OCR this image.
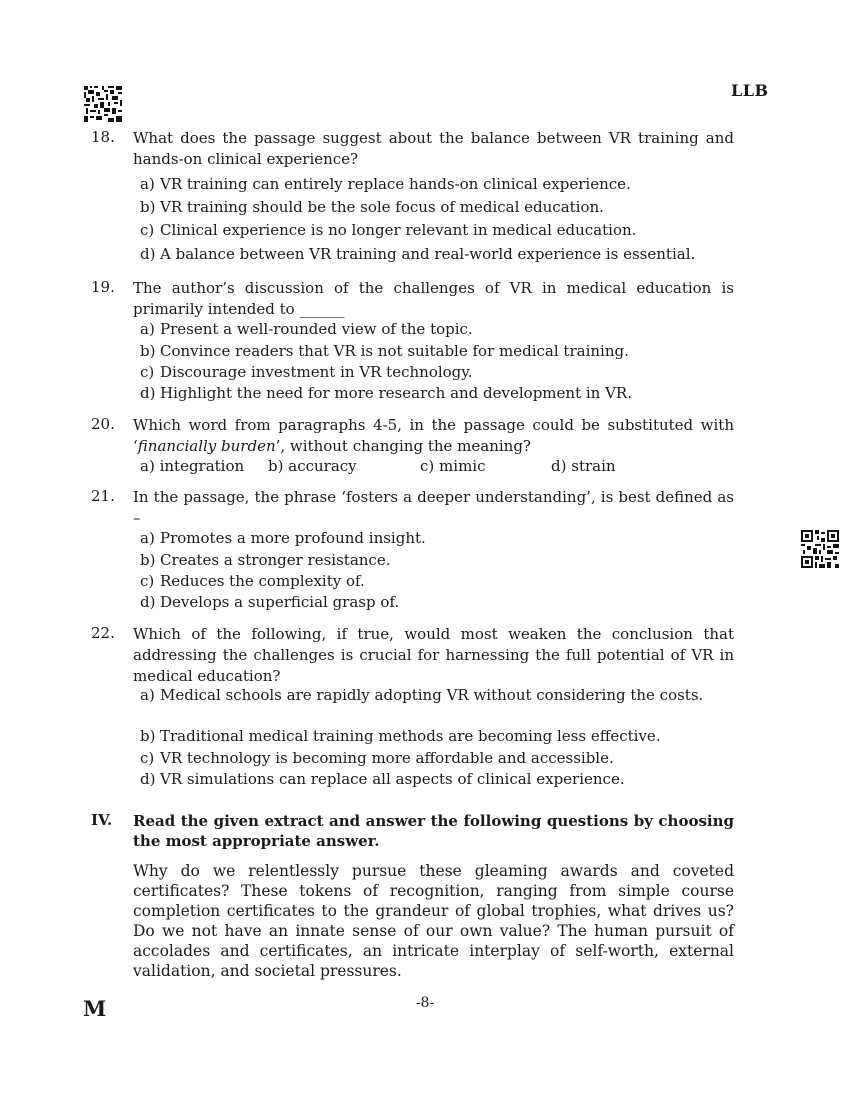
LLB
18. What does the passage suggest about the balance between VR training and hands-on clinical experience?
a) VR training can entirely replace hands-on clinical experience.
b) VR training should be the sole focus of medical education.
c) Clinical experience is no longer relevant in medical education.
d) A balance between VR training and real-world experience is essential.
19. The author’s discussion of the challenges of VR in medical education is primarily intended to ______
a) Present a well-rounded view of the topic.
b) Convince readers that VR is not suitable for medical training.
c) Discourage investment in VR technology.
d) Highlight the need for more research and development in VR.
20. Which word from paragraphs 4-5, in the passage could be substituted with ‘financially burden’, without changing the meaning?
a) integration b) accuracy	c) mimic	d) strain
21. In the passage, the phrase ‘fosters a deeper understanding’, is best defined as –
a) Promotes a more profound insight.
b) Creates a stronger resistance.
c) Reduces the complexity of.
d) Develops a superficial grasp of.
22. Which of the following, if true, would most weaken the conclusion that addressing the challenges is crucial for harnessing the full potential of VR in medical education?
a) Medical schools are rapidly adopting VR without considering the costs.
b) Traditional medical training methods are becoming less effective.
c) VR technology is becoming more affordable and accessible.
d) VR simulations can replace all aspects of clinical experience.
IV. Read the given extract and answer the following questions by choosing the most appropriate answer.
Why do we relentlessly pursue these gleaming awards and coveted certificates? These tokens of recognition, ranging from simple course completion certificates to the grandeur of global trophies, what drives us? Do we not have an innate sense of our own value? The human pursuit of accolades and certificates, an intricate interplay of self-worth, external validation, and societal pressures.
M	-8-
